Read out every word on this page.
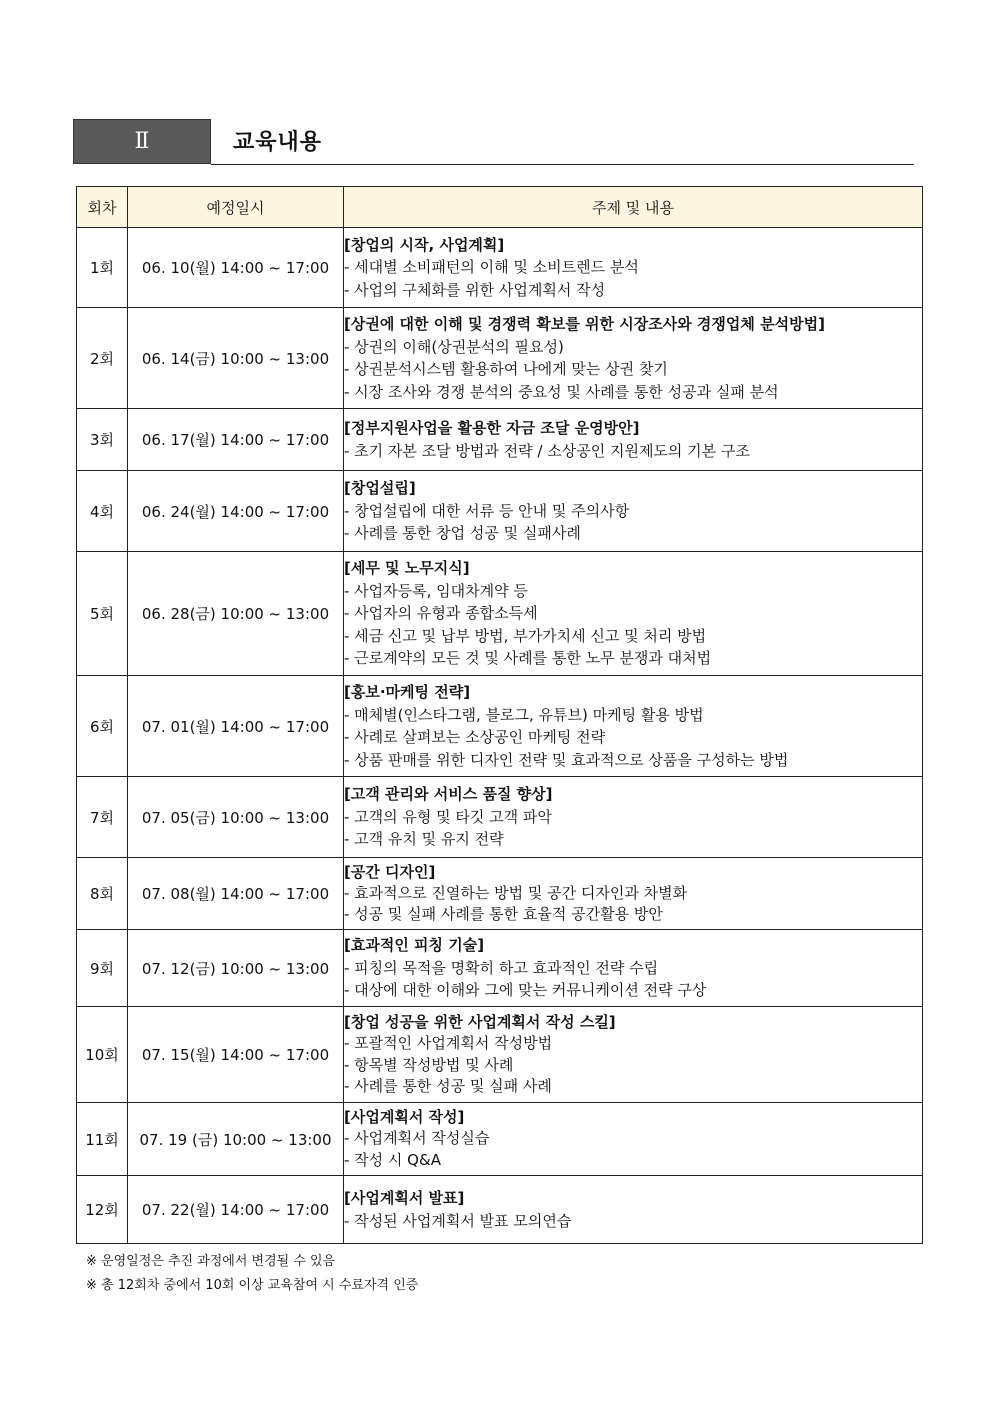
Ⅱ	교육내용
회차	예정일시	주제 및 내용
1회	06. 10(월) 14:00 ~ 17:00	[창업의 시작, 사업계획]
- 세대별 소비패턴의 이해 및 소비트렌드 분석
- 사업의 구체화를 위한 사업계획서 작성

2회	06. 14(금) 10:00 ~ 13:00	[상권에 대한 이해 및 경쟁력 확보를 위한 시장조사와 경쟁업체 분석방법]
- 상권의 이해(상권분석의 필요성)
- 상권분석시스템 활용하여 나에게 맞는 상권 찾기
- 시장 조사와 경쟁 분석의 중요성 및 사례를 통한 성공과 실패 분석

3회	06. 17(월) 14:00 ~ 17:00	[정부지원사업을 활용한 자금 조달 운영방안]
- 초기 자본 조달 방법과 전략 / 소상공인 지원제도의 기본 구조

4회	06. 24(월) 14:00 ~ 17:00	[창업설립]
- 창업설립에 대한 서류 등 안내 및 주의사항
- 사례를 통한 창업 성공 및 실패사례

5회	06. 28(금) 10:00 ~ 13:00	[세무 및 노무지식]
- 사업자등록, 임대차계약 등
- 사업자의 유형과 종합소득세
- 세금 신고 및 납부 방법, 부가가치세 신고 및 처리 방법
- 근로계약의 모든 것 및 사례를 통한 노무 분쟁과 대처법

6회	07. 01(월) 14:00 ~ 17:00	[홍보·마케팅 전략]
- 매체별(인스타그램, 블로그, 유튜브) 마케팅 활용 방법
- 사례로 살펴보는 소상공인 마케팅 전략
- 상품 판매를 위한 디자인 전략 및 효과적으로 상품을 구성하는 방법

7회	07. 05(금) 10:00 ~ 13:00	[고객 관리와 서비스 품질 향상]
- 고객의 유형 및 타깃 고객 파악
- 고객 유치 및 유지 전략

8회	07. 08(월) 14:00 ~ 17:00	[공간 디자인]
- 효과적으로 진열하는 방법 및 공간 디자인과 차별화
- 성공 및 실패 사례를 통한 효율적 공간활용 방안

9회	07. 12(금) 10:00 ~ 13:00	[효과적인 피칭 기술]
- 피칭의 목적을 명확히 하고 효과적인 전략 수립
- 대상에 대한 이해와 그에 맞는 커뮤니케이션 전략 구상

10회	07. 15(월) 14:00 ~ 17:00	[창업 성공을 위한 사업계획서 작성 스킬]
- 포괄적인 사업계획서 작성방법
- 항목별 작성방법 및 사례
- 사례를 통한 성공 및 실패 사례

11회	07. 19 (금) 10:00 ~ 13:00	[사업계획서 작성]
- 사업계획서 작성실습
- 작성 시 Q&A

12회	07. 22(월) 14:00 ~ 17:00	[사업계획서 발표]
- 작성된 사업계획서 발표 모의연습
※ 운영일정은 추진 과정에서 변경될 수 있음
※ 총 12회차 중에서 10회 이상 교육참여 시 수료자격 인증
